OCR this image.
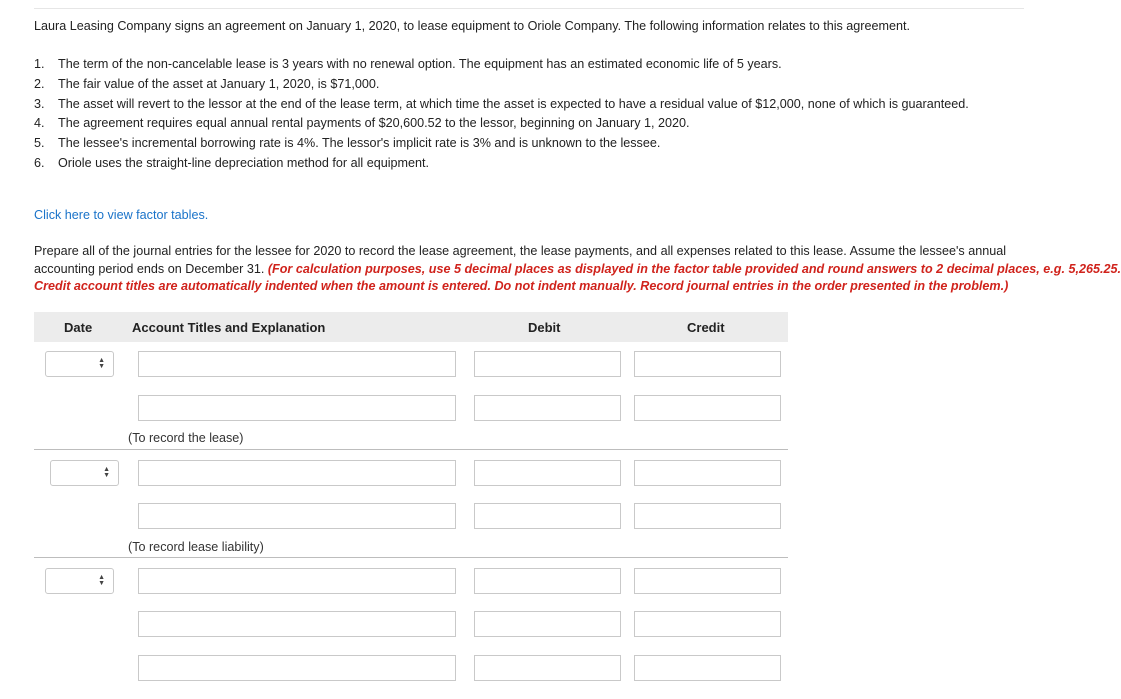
Laura Leasing Company signs an agreement on January 1, 2020, to lease equipment to Oriole Company. The following information relates to this agreement.
1. The term of the non-cancelable lease is 3 years with no renewal option. The equipment has an estimated economic life of 5 years.
2. The fair value of the asset at January 1, 2020, is $71,000.
3. The asset will revert to the lessor at the end of the lease term, at which time the asset is expected to have a residual value of $12,000, none of which is guaranteed.
4. The agreement requires equal annual rental payments of $20,600.52 to the lessor, beginning on January 1, 2020.
5. The lessee's incremental borrowing rate is 4%. The lessor's implicit rate is 3% and is unknown to the lessee.
6. Oriole uses the straight-line depreciation method for all equipment.
Click here to view factor tables.
Prepare all of the journal entries for the lessee for 2020 to record the lease agreement, the lease payments, and all expenses related to this lease. Assume the lessee's annual
accounting period ends on December 31. (For calculation purposes, use 5 decimal places as displayed in the factor table provided and round answers to 2 decimal places, e.g. 5,265.25.
Credit account titles are automatically indented when the amount is entered. Do not indent manually. Record journal entries in the order presented in the problem.)
Date	Account Titles and Explanation	Debit	Credit
▲
▼
(To record the lease)
▲
▼
(To record lease liability)
▲
▼
